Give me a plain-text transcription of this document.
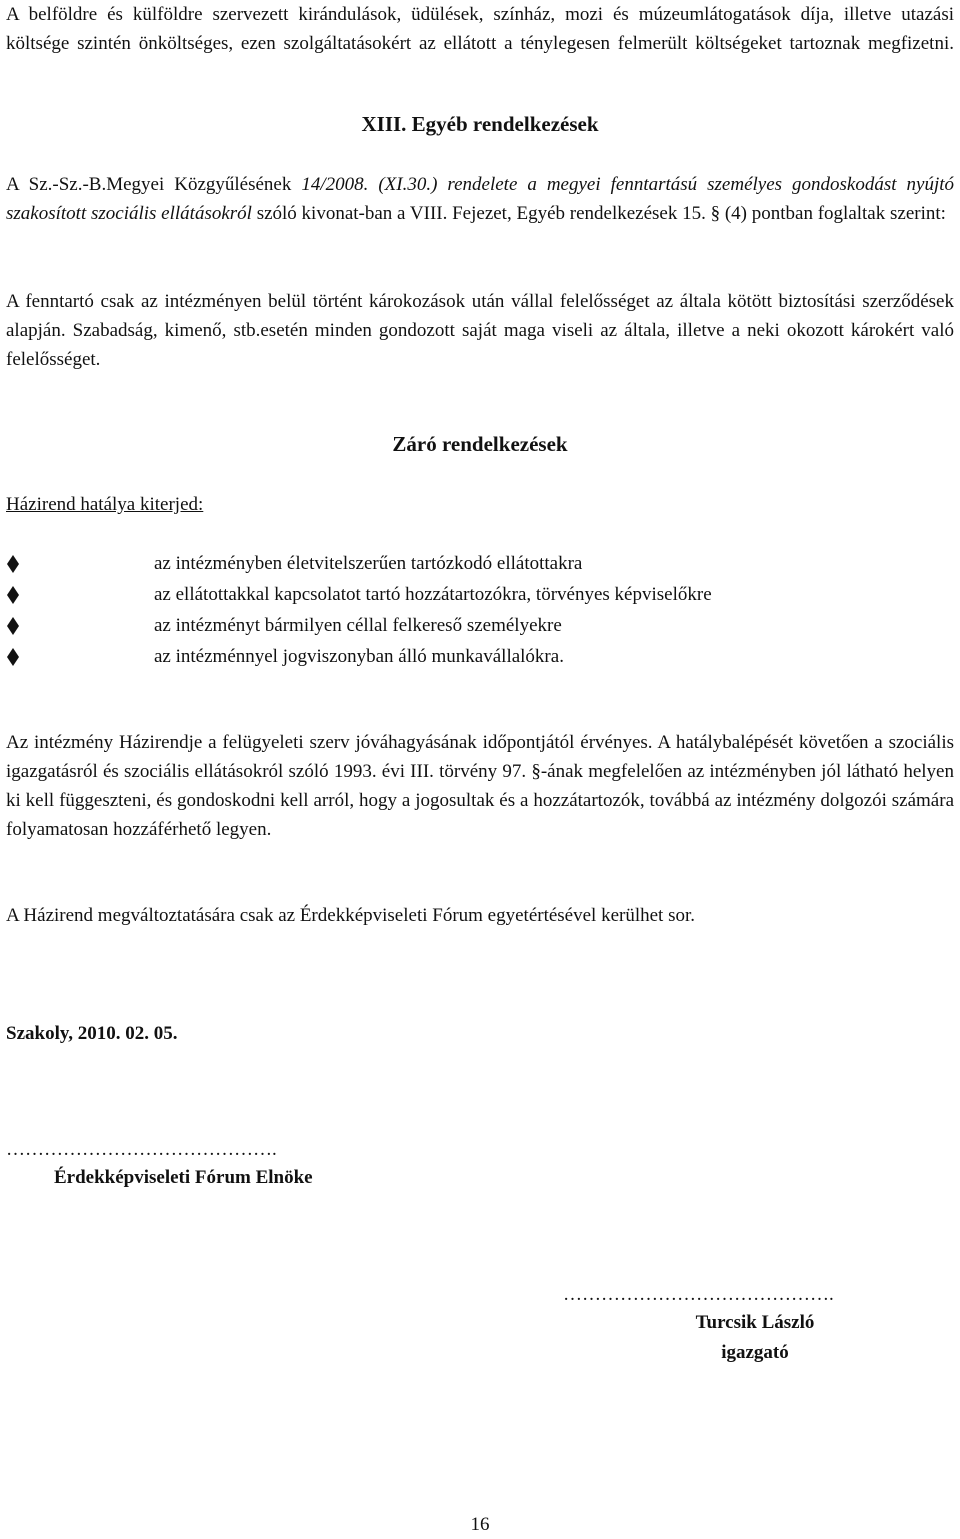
A belföldre és külföldre szervezett kirándulások, üdülések, színház, mozi és múzeumlátogatások díja, illetve utazási költsége szintén önköltséges, ezen szolgáltatásokért az ellátott a ténylegesen felmerült költségeket tartoznak megfizetni.

XIII. Egyéb rendelkezések

A Sz.-Sz.-B.Megyei Közgyűlésének 14/2008. (XI.30.) rendelete a megyei fenntartású személyes gondoskodást nyújtó szakosított szociális ellátásokról szóló kivonat-ban a VIII. Fejezet, Egyéb rendelkezések 15. § (4) pontban foglaltak szerint:

A fenntartó csak az intézményen belül történt károkozások után vállal felelősséget az általa kötött biztosítási szerződések alapján. Szabadság, kimenő, stb.esetén minden gondozott saját maga viseli az általa, illetve a neki okozott károkért való felelősséget.

Záró rendelkezések

Házirend hatálya kiterjed:

az intézményben életvitelszerűen tartózkodó ellátottakra
az ellátottakkal kapcsolatot tartó hozzátartozókra, törvényes képviselőkre
az intézményt bármilyen céllal felkereső személyekre
az intézménnyel jogviszonyban álló munkavállalókra.

Az intézmény Házirendje a felügyeleti szerv jóváhagyásának időpontjától érvényes. A hatálybalépését követően a szociális igazgatásról és szociális ellátásokról szóló 1993. évi III. törvény 97. §-ának megfelelően az intézményben jól látható helyen ki kell függeszteni, és gondoskodni kell arról, hogy a jogosultak és a hozzátartozók, továbbá az intézmény dolgozói számára folyamatosan hozzáférhető legyen.

A Házirend megváltoztatására csak az Érdekképviseleti Fórum egyetértésével kerülhet sor.

Szakoly, 2010. 02. 05.

…………………………………….

Érdekképviseleti Fórum Elnöke

…………………………………….

Turcsik László

igazgató

16
